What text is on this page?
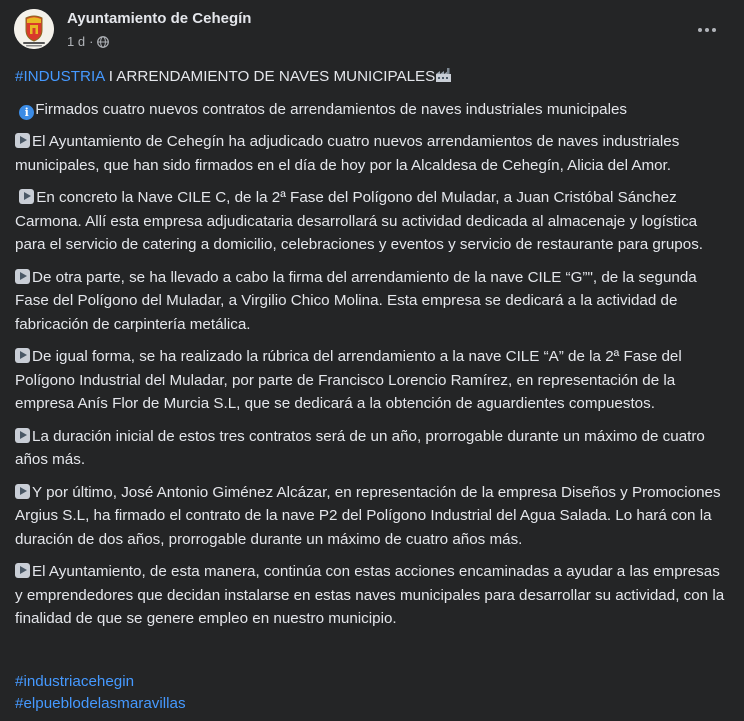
Ayuntamiento de Cehegín
1 d ·

#INDUSTRIA I ARRENDAMIENTO DE NAVES MUNICIPALES

i Firmados cuatro nuevos contratos de arrendamientos de naves industriales municipales

El Ayuntamiento de Cehegín ha adjudicado cuatro nuevos arrendamientos de naves industriales municipales, que han sido firmados en el día de hoy por la Alcaldesa de Cehegín, Alicia del Amor.

En concreto la Nave CILE C, de la 2ª Fase del Polígono del Muladar, a Juan Cristóbal Sánchez Carmona. Allí esta empresa adjudicataria desarrollará su actividad dedicada al almacenaje y logística para el servicio de catering a domicilio, celebraciones y eventos y servicio de restaurante para grupos.

De otra parte, se ha llevado a cabo la firma del arrendamiento de la nave CILE “G”", de la segunda Fase del Polígono del Muladar, a Virgilio Chico Molina. Esta empresa se dedicará a la actividad de fabricación de carpintería metálica.

De igual forma, se ha realizado la rúbrica del arrendamiento a la nave CILE “A” de la 2ª Fase del Polígono Industrial del Muladar, por parte de Francisco Lorencio Ramírez, en representación de la empresa Anís Flor de Murcia S.L, que se dedicará a la obtención de aguardientes compuestos.

La duración inicial de estos tres contratos será de un año, prorrogable durante un máximo de cuatro años más.

Y por último, José Antonio Giménez Alcázar, en representación de la empresa Diseños y Promociones Argius S.L, ha firmado el contrato de la nave P2 del Polígono Industrial del Agua Salada. Lo hará con la duración de dos años, prorrogable durante un máximo de cuatro años más.

El Ayuntamiento, de esta manera, continúa con estas acciones encaminadas a ayudar a las empresas y emprendedores que decidan instalarse en estas naves municipales para desarrollar su actividad, con la finalidad de que se genere empleo en nuestro municipio.

#industriacehegin
#elpueblodelasmaravillas
